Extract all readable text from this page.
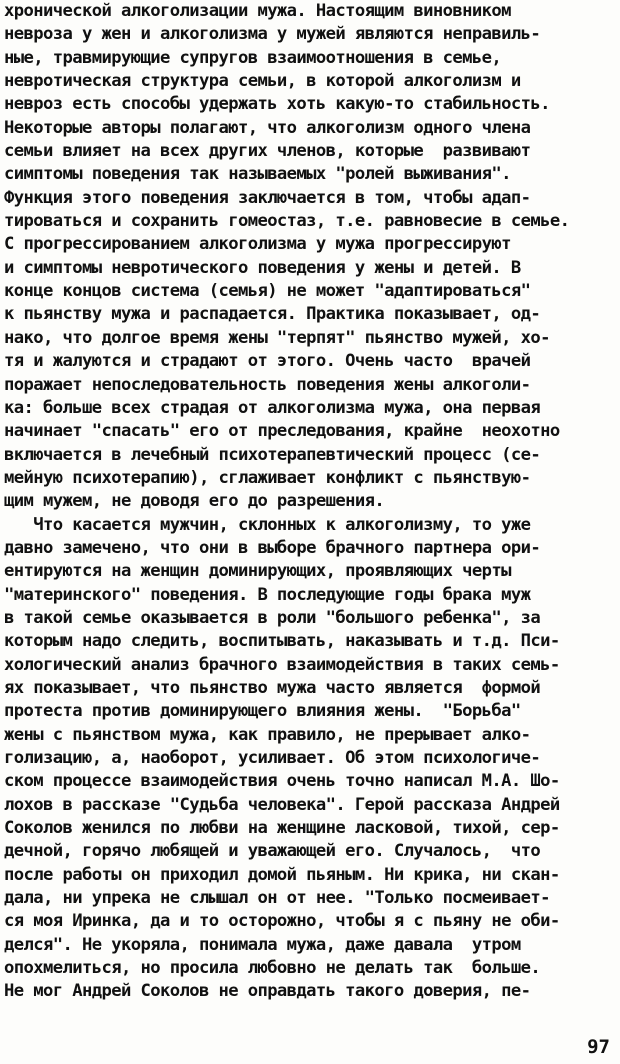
хронической алкоголизации мужа. Настоящим виновником
невроза у жен и алкоголизма у мужей являются неправиль-
ные, травмирующие супругов взаимоотношения в семье,
невротическая структура семьи, в которой алкоголизм и
невроз есть способы удержать хоть какую-то стабильность.
Некоторые авторы полагают, что алкоголизм одного члена
семьи влияет на всех других членов, которые  развивают
симптомы поведения так называемых "ролей выживания".
Функция этого поведения заключается в том, чтобы адап-
тироваться и сохранить гомеостаз, т.е. равновесие в семье.
С прогрессированием алкоголизма у мужа прогрессируют
и симптомы невротического поведения у жены и детей. В
конце концов система (семья) не может "адаптироваться"
к пьянству мужа и распадается. Практика показывает, од-
нако, что долгое время жены "терпят" пьянство мужей, хо-
тя и жалуются и страдают от этого. Очень часто  врачей
поражает непоследовательность поведения жены алкоголи-
ка: больше всех страдая от алкоголизма мужа, она первая
начинает "спасать" его от преследования, крайне  неохотно
включается в лечебный психотерапевтический процесс (се-
мейную психотерапию), сглаживает конфликт с пьянствую-
щим мужем, не доводя его до разрешения.
Что касается мужчин, склонных к алкоголизму, то уже
давно замечено, что они в выборе брачного партнера ори-
ентируются на женщин доминирующих, проявляющих черты
"материнского" поведения. В последующие годы брака муж
в такой семье оказывается в роли "большого ребенка", за
которым надо следить, воспитывать, наказывать и т.д. Пси-
хологический анализ брачного взаимодействия в таких семь-
ях показывает, что пьянство мужа часто является  формой
протеста против доминирующего влияния жены.  "Борьба"
жены с пьянством мужа, как правило, не прерывает алко-
голизацию, а, наоборот, усиливает. Об этом психологиче-
ском процессе взаимодействия очень точно написал М.А. Шо-
лохов в рассказе "Судьба человека". Герой рассказа Андрей
Соколов женился по любви на женщине ласковой, тихой, сер-
дечной, горячо любящей и уважающей его. Случалось,  что
после работы он приходил домой пьяным. Ни крика, ни скан-
дала, ни упрека не слышал он от нее. "Только посмеивает-
ся моя Иринка, да и то осторожно, чтобы я с пьяну не оби-
делся". Не укоряла, понимала мужа, даже давала  утром
опохмелиться, но просила любовно не делать так  больше.
Не мог Андрей Соколов не оправдать такого доверия, пе-
97
